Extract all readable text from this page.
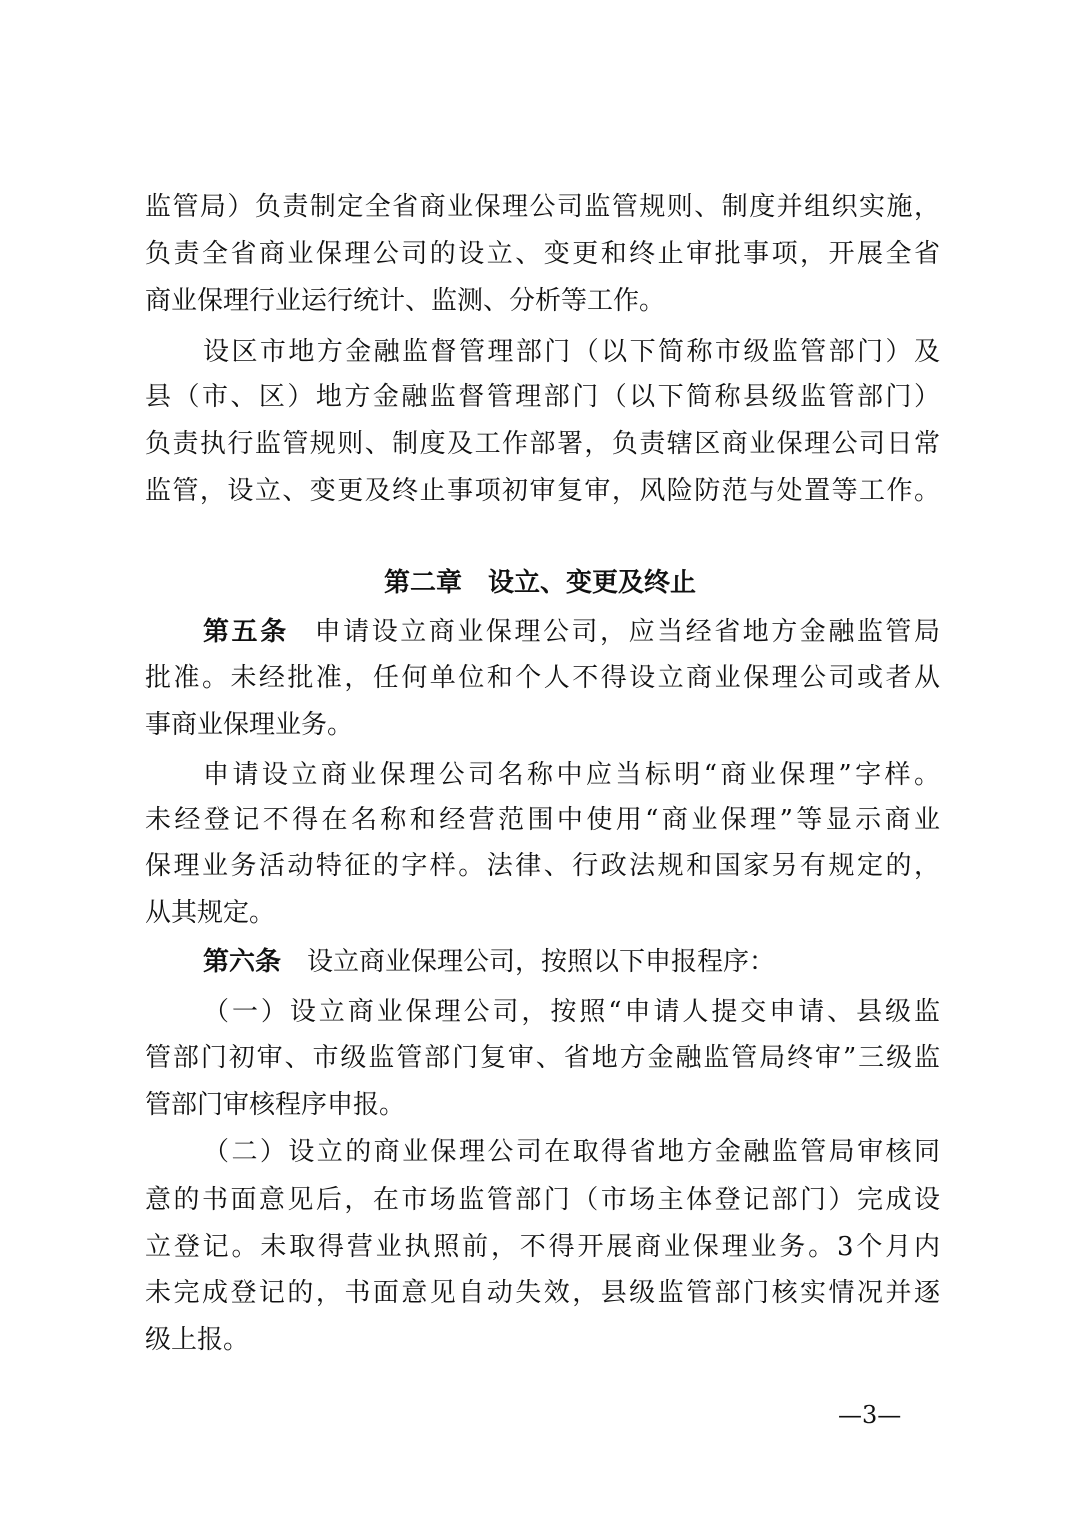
监管局）负责制定全省商业保理公司监管规则、制度并组织实施，
负责全省商业保理公司的设立、变更和终止审批事项，开展全省
商业保理行业运行统计、监测、分析等工作。
设区市地方金融监督管理部门（以下简称市级监管部门）及
县（市、区）地方金融监督管理部门（以下简称县级监管部门）
负责执行监管规则、制度及工作部署，负责辖区商业保理公司日常
监管，设立、变更及终止事项初审复审，风险防范与处置等工作。
第二章 设立、变更及终止
第五条 申请设立商业保理公司，应当经省地方金融监管局
批准。未经批准，任何单位和个人不得设立商业保理公司或者从
事商业保理业务。
申请设立商业保理公司名称中应当标明“商业保理”字样。
未经登记不得在名称和经营范围中使用“商业保理”等显示商业
保理业务活动特征的字样。法律、行政法规和国家另有规定的，
从其规定。
第六条 设立商业保理公司，按照以下申报程序：
（一）设立商业保理公司，按照“申请人提交申请、县级监
管部门初审、市级监管部门复审、省地方金融监管局终审”三级监
管部门审核程序申报。
（二）设立的商业保理公司在取得省地方金融监管局审核同
意的书面意见后，在市场监管部门（市场主体登记部门）完成设
立登记。未取得营业执照前，不得开展商业保理业务。3个月内
未完成登记的，书面意见自动失效，县级监管部门核实情况并逐
级上报。
—3—
